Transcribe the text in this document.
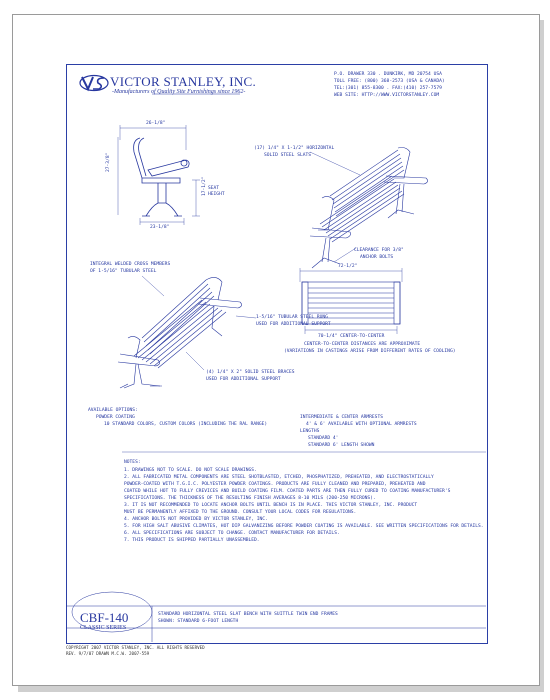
VICTOR STANLEY, INC.
-Manufacturers of Quality Site Furnishings since 1962-
P.O. DRAWER 330 . DUNKIRK, MD 20754 USA
TOLL FREE: (800) 368-2573 (USA & CANADA)
TEL:(301) 855-8300 . FAX:(410) 257-7579
WEB SITE: HTTP://WWW.VICTORSTANLEY.COM
26-1/8"
27-3/8"
17-1/2" SEAT HEIGHT
23-1/8"
72-1/2"
70-1/4" CENTER-TO-CENTER
(17) 1/4" X 1-1/2" HORIZONTAL
SOLID STEEL SLATS
CLEARANCE FOR 3/8"
ANCHOR BOLTS
INTEGRAL WELDED CROSS MEMBERS
OF 1-5/16" TUBULAR STEEL
1-5/16" TUBULAR STEEL RUNG
USED FOR ADDITIONAL SUPPORT
(4) 1/4" X 2" SOLID STEEL BRACES
USED FOR ADDITIONAL SUPPORT
CENTER-TO-CENTER DISTANCES ARE APPROXIMATE
(VARIATIONS IN CASTINGS ARISE FROM DIFFERENT RATES OF COOLING)
AVAILABLE OPTIONS:
POWDER COATING
10 STANDARD COLORS, CUSTOM COLORS (INCLUDING THE RAL RANGE)
INTERMEDIATE & CENTER ARMRESTS
4' & 6' AVAILABLE WITH OPTIONAL ARMRESTS
LENGTHS
STANDARD 4'
STANDARD 6' LENGTH SHOWN
NOTES:
1. DRAWINGS NOT TO SCALE. DO NOT SCALE DRAWINGS.
2. ALL FABRICATED METAL COMPONENTS ARE STEEL SHOTBLASTED, ETCHED, PHOSPHATIZED, PREHEATED, AND ELECTROSTATICALLY
POWDER-COATED WITH T.G.I.C. POLYESTER POWDER COATINGS. PRODUCTS ARE FULLY CLEANED AND PREPARED, PREHEATED AND
COATED WHILE HOT TO FULLY CREVICES AND BUILD COATING FILM. COATED PARTS ARE THEN FULLY CURED TO COATING MANUFACTURER'S
SPECIFICATIONS. THE THICKNESS OF THE RESULTING FINISH AVERAGES 8-10 MILS (200-250 MICRONS).
3. IT IS NOT RECOMMENDED TO LOCATE ANCHOR BOLTS UNTIL BENCH IS IN PLACE. THIS VICTOR STANLEY, INC. PRODUCT
MUST BE PERMANENTLY AFFIXED TO THE GROUND. CONSULT YOUR LOCAL CODES FOR REGULATIONS.
4. ANCHOR BOLTS NOT PROVIDED BY VICTOR STANLEY, INC.
5. FOR HIGH SALT ABUSIVE CLIMATES, HOT DIP GALVANIZING BEFORE POWDER COATING IS AVAILABLE. SEE WRITTEN SPECIFICATIONS FOR DETAILS.
6. ALL SPECIFICATIONS ARE SUBJECT TO CHANGE. CONTACT MANUFACTURER FOR DETAILS.
7. THIS PRODUCT IS SHIPPED PARTIALLY UNASSEMBLED.
CBF-140
CLASSIC SERIES
STANDARD HORIZONTAL STEEL SLAT BENCH WITH SUITTLE TWIN END FRAMES
SHOWN: STANDARD 6-FOOT LENGTH
COPYRIGHT 2007 VICTOR STANLEY, INC. ALL RIGHTS RESERVED
REV. 9/7/07 DRAWN M.C.W. 2007-559
